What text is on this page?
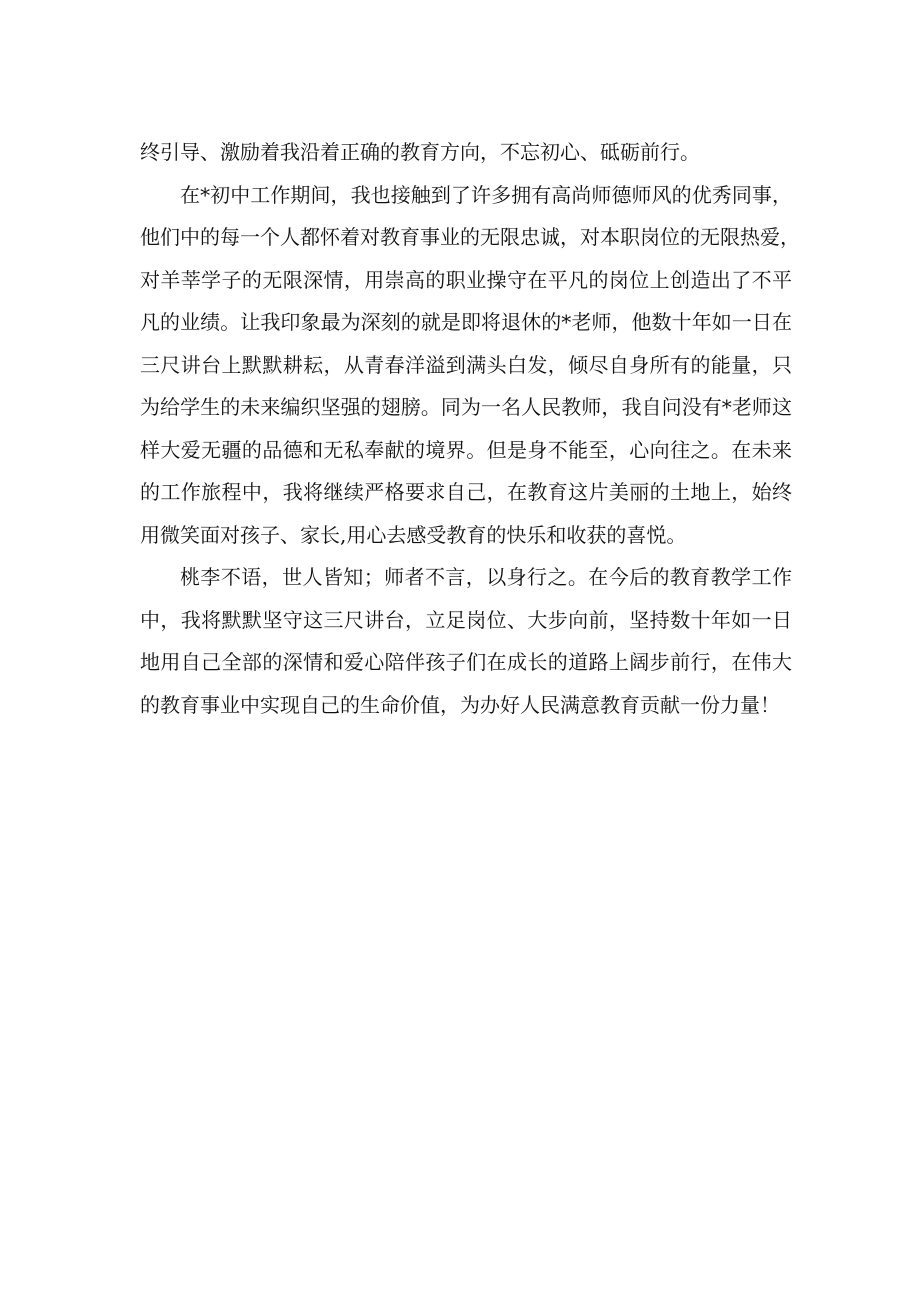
终引导、激励着我沿着正确的教育方向，不忘初心、砥砺前行。
在*初中工作期间，我也接触到了许多拥有高尚师德师风的优秀同事，
他们中的每一个人都怀着对教育事业的无限忠诚，对本职岗位的无限热爱，
对羊莘学子的无限深情，用崇高的职业操守在平凡的岗位上创造出了不平
凡的业绩。让我印象最为深刻的就是即将退休的*老师，他数十年如一日在
三尺讲台上默默耕耘，从青春洋溢到满头白发，倾尽自身所有的能量，只
为给学生的未来编织坚强的翅膀。同为一名人民教师，我自问没有*老师这
样大爱无疆的品德和无私奉献的境界。但是身不能至，心向往之。在未来
的工作旅程中，我将继续严格要求自己，在教育这片美丽的土地上，始终
用微笑面对孩子、家长,用心去感受教育的快乐和收获的喜悦。
桃李不语，世人皆知；师者不言，以身行之。在今后的教育教学工作
中，我将默默坚守这三尺讲台，立足岗位、大步向前，坚持数十年如一日
地用自己全部的深情和爱心陪伴孩子们在成长的道路上阔步前行，在伟大
的教育事业中实现自己的生命价值，为办好人民满意教育贡献一份力量！
